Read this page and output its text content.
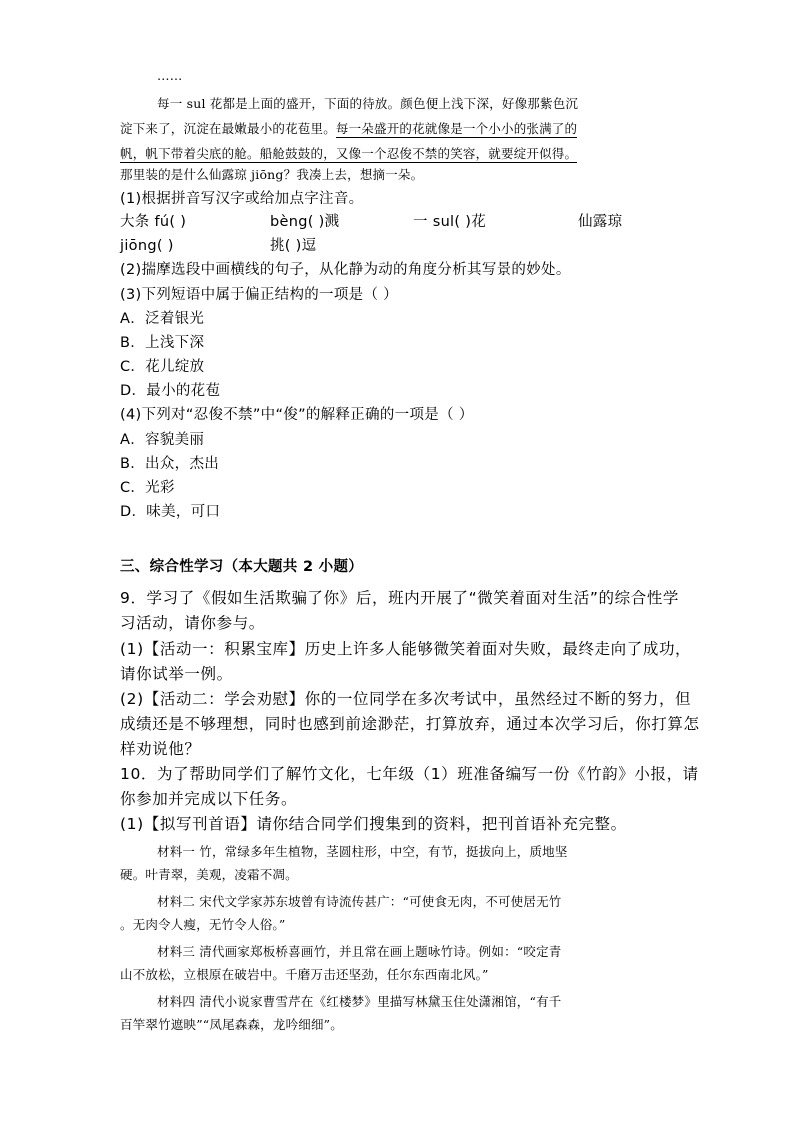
……
每一 sul 花都是上面的盛开，下面的待放。颜色便上浅下深，好像那紫色沉
淀下来了，沉淀在最嫩最小的花苞里。每一朵盛开的花就像是一个小小的张满了的
帆，帆下带着尖底的舱。船舱鼓鼓的，又像一个忍俊不禁的笑容，就要绽开似得。
那里装的是什么仙露琼 jiōng？我凑上去，想摘一朵。
(1)根据拼音写汉字或给加点字注音。
大条 fú( )	bèng( )溅	一 sul( )花	仙露琼
jiōng( )	挑( )逗
(2)揣摩选段中画横线的句子，从化静为动的角度分析其写景的妙处。
(3)下列短语中属于偏正结构的一项是（ ）
A．泛着银光
B．上浅下深
C．花儿绽放
D．最小的花苞
(4)下列对“忍俊不禁”中“俊”的解释正确的一项是（ ）
A．容貌美丽
B．出众，杰出
C．光彩
D．味美，可口
三、综合性学习（本大题共 2 小题）
9．学习了《假如生活欺骗了你》后，班内开展了“微笑着面对生活”的综合性学
习活动，请你参与。
(1)【活动一：积累宝库】历史上许多人能够微笑着面对失败，最终走向了成功，
请你试举一例。
(2)【活动二：学会劝慰】你的一位同学在多次考试中，虽然经过不断的努力，但
成绩还是不够理想，同时也感到前途渺茫，打算放弃，通过本次学习后，你打算怎
样劝说他？
10．为了帮助同学们了解竹文化，七年级（1）班准备编写一份《竹韵》小报，请
你参加并完成以下任务。
(1)【拟写刊首语】请你结合同学们搜集到的资料，把刊首语补充完整。
材料一 竹，常绿多年生植物，茎圆柱形，中空，有节，挺拔向上，质地坚
硬。叶青翠，美观，凌霜不凋。
材料二 宋代文学家苏东坡曾有诗流传甚广：“可使食无肉，不可使居无竹
。无肉令人瘦，无竹令人俗。”
材料三 清代画家郑板桥喜画竹，并且常在画上题咏竹诗。例如：“咬定青
山不放松，立根原在破岩中。千磨万击还坚劲，任尔东西南北风。”
材料四 清代小说家曹雪芹在《红楼梦》里描写林黛玉住处潇湘馆，“有千
百竿翠竹遮映”“凤尾森森，龙吟细细”。
